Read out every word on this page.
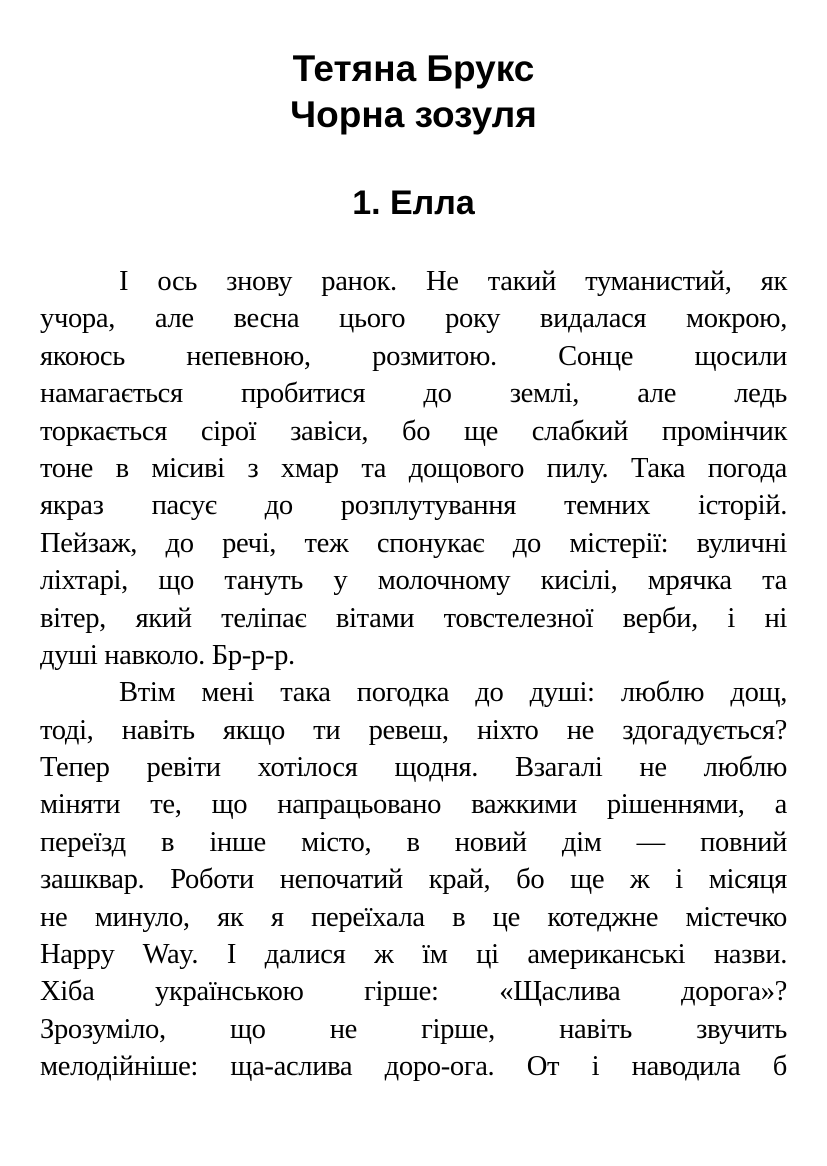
Тетяна Брукс
Чорна зозуля
1. Елла
І ось знову ранок. Не такий туманистий, як
учора, але весна цього року видалася мокрою,
якоюсь непевною, розмитою. Сонце щосили
намагається пробитися до землі, але ледь
торкається сірої завіси, бо ще слабкий промінчик
тоне в місиві з хмар та дощового пилу. Така погода
якраз пасує до розплутування темних історій.
Пейзаж, до речі, теж спонукає до містерії: вуличні
ліхтарі, що тануть у молочному кисілі, мрячка та
вітер, який теліпає вітами товстелезної верби, і ні
душі навколо. Бр-р-р.
Втім мені така погодка до душі: люблю дощ,
тоді, навіть якщо ти ревеш, ніхто не здогадується?
Тепер ревіти хотілося щодня. Взагалі не люблю
міняти те, що напрацьовано важкими рішеннями, а
переїзд в інше місто, в новий дім — повний
зашквар. Роботи непочатий край, бо ще ж і місяця
не минуло, як я переїхала в це котеджне містечко
Happy Way. І далися ж їм ці американські назви.
Хіба українською гірше: «Щаслива дорога»?
Зрозуміло, що не гірше, навіть звучить
мелодійніше: ща-аслива доро-ога. От і наводила б
